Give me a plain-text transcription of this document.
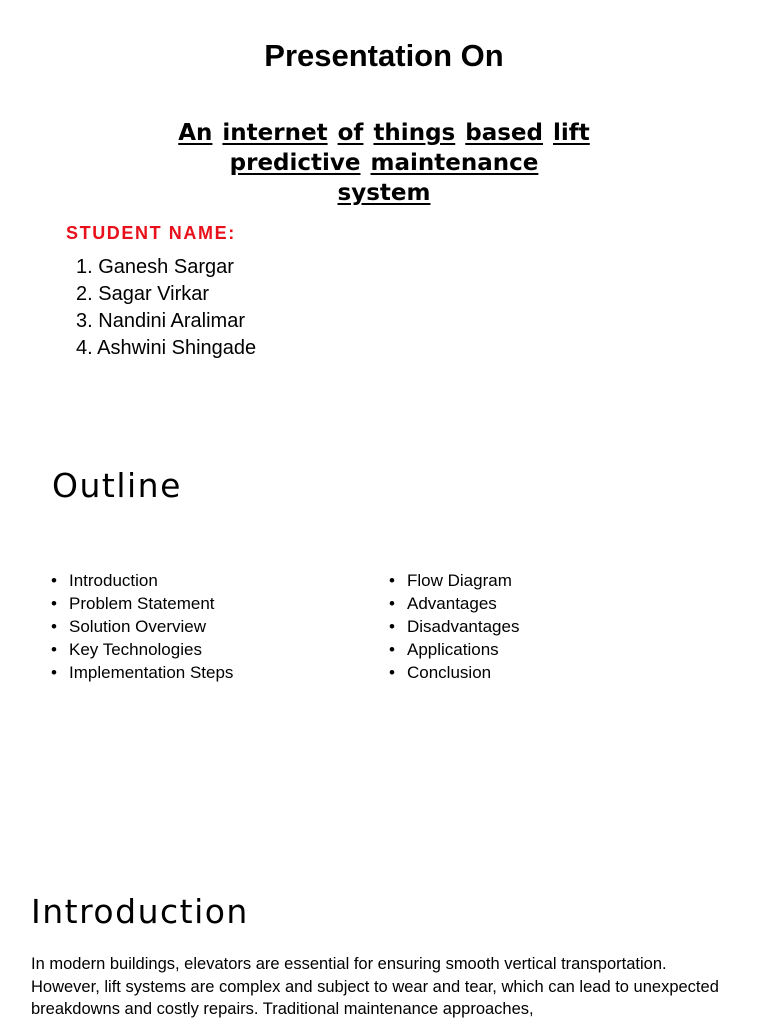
Presentation On
An internet of things based lift
predictive maintenance
system
STUDENT NAME:
1. Ganesh Sargar
2. Sagar Virkar
3. Nandini Aralimar
4. Ashwini Shingade
Outline
• Introduction
• Problem Statement
• Solution Overview
• Key Technologies
• Implementation Steps
• Flow Diagram
• Advantages
• Disadvantages
• Applications
• Conclusion
Introduction

In modern buildings, elevators are essential for ensuring smooth vertical transportation. However, lift systems are complex and subject to wear and tear, which can lead to unexpected breakdowns and costly repairs. Traditional maintenance approaches,
